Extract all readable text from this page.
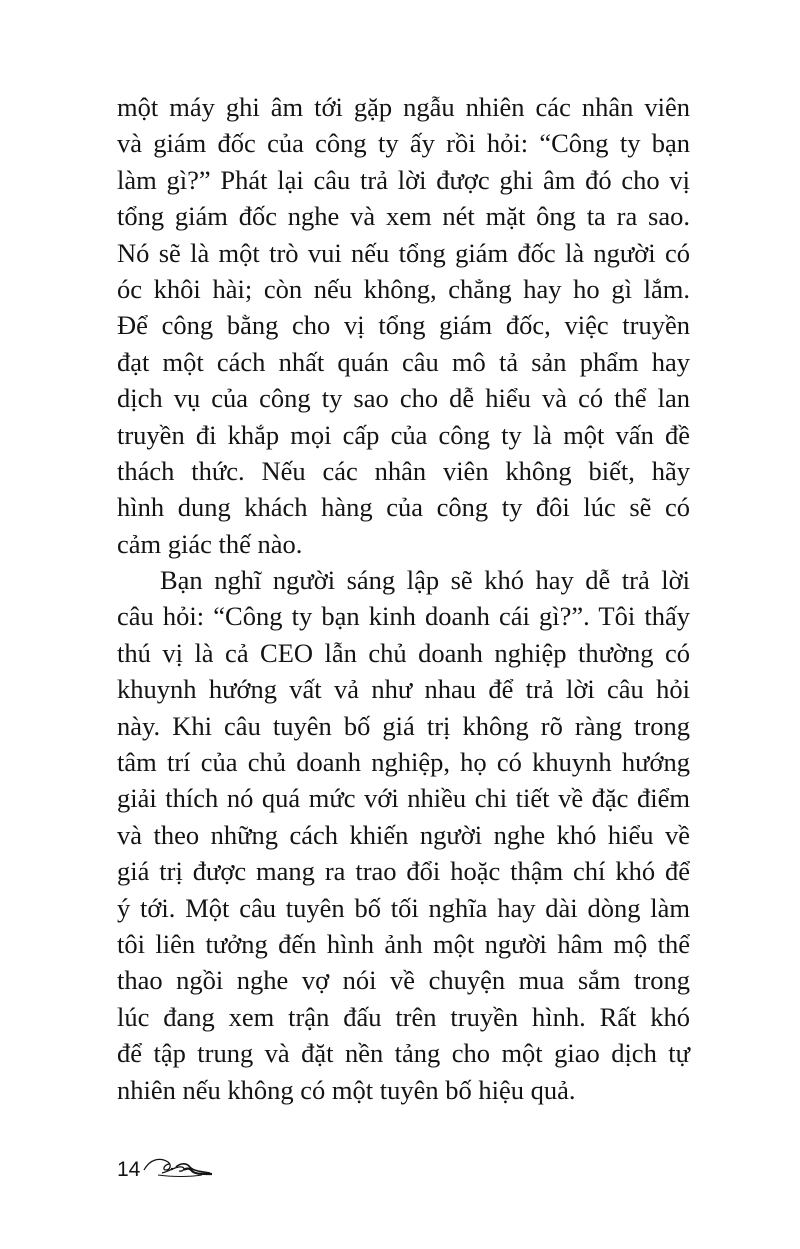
một máy ghi âm tới gặp ngẫu nhiên các nhân viên
và giám đốc của công ty ấy rồi hỏi: “Công ty bạn
làm gì?” Phát lại câu trả lời được ghi âm đó cho vị
tổng giám đốc nghe và xem nét mặt ông ta ra sao.
Nó sẽ là một trò vui nếu tổng giám đốc là người có
óc khôi hài; còn nếu không, chẳng hay ho gì lắm.
Để công bằng cho vị tổng giám đốc, việc truyền
đạt một cách nhất quán câu mô tả sản phẩm hay
dịch vụ của công ty sao cho dễ hiểu và có thể lan
truyền đi khắp mọi cấp của công ty là một vấn đề
thách thức. Nếu các nhân viên không biết, hãy
hình dung khách hàng của công ty đôi lúc sẽ có
cảm giác thế nào.
Bạn nghĩ người sáng lập sẽ khó hay dễ trả lời
câu hỏi: “Công ty bạn kinh doanh cái gì?”. Tôi thấy
thú vị là cả CEO lẫn chủ doanh nghiệp thường có
khuynh hướng vất vả như nhau để trả lời câu hỏi
này. Khi câu tuyên bố giá trị không rõ ràng trong
tâm trí của chủ doanh nghiệp, họ có khuynh hướng
giải thích nó quá mức với nhiều chi tiết về đặc điểm
và theo những cách khiến người nghe khó hiểu về
giá trị được mang ra trao đổi hoặc thậm chí khó để
ý tới. Một câu tuyên bố tối nghĩa hay dài dòng làm
tôi liên tưởng đến hình ảnh một người hâm mộ thể
thao ngồi nghe vợ nói về chuyện mua sắm trong
lúc đang xem trận đấu trên truyền hình. Rất khó
để tập trung và đặt nền tảng cho một giao dịch tự
nhiên nếu không có một tuyên bố hiệu quả.
14
